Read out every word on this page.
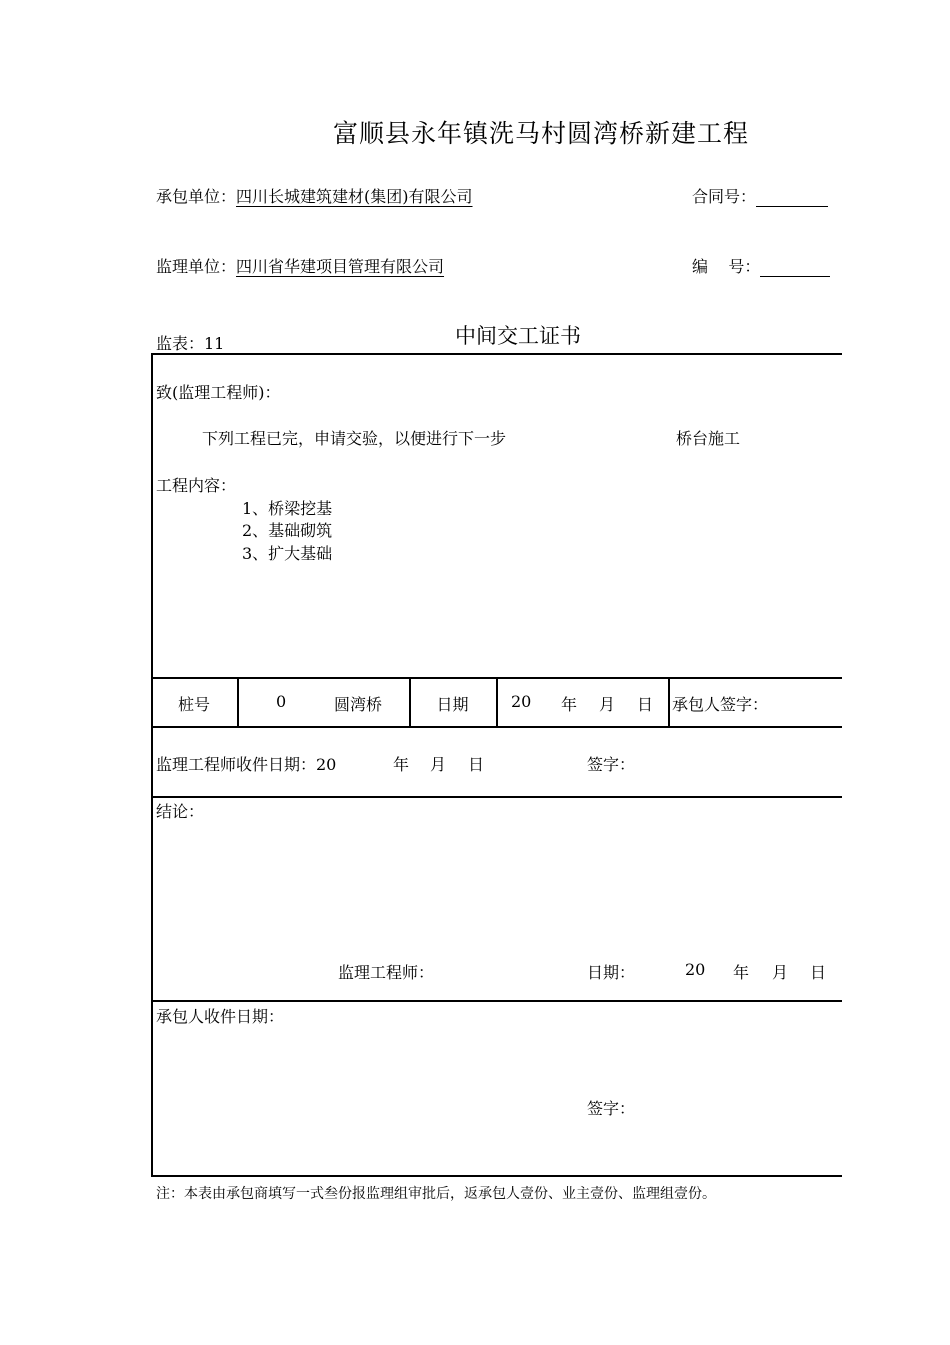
富顺县永年镇洗马村圆湾桥新建工程
承包单位：四川长城建筑建材(集团)有限公司	合同号：
监理单位：四川省华建项目管理有限公司	编    号：
监表：11	中间交工证书
致(监理工程师)：
下列工程已完，申请交验，以便进行下一步	桥台施工
工程内容：
1、桥梁挖基
2、基础砌筑
3、扩大基础
桩号	0	圆湾桥	日期	20 年 月 日 承包人签字：
监理工程师收件日期：20	年 月 日	签字：
结论：
监理工程师：	日期：	20 年 月 日
承包人收件日期：
签字：
注：本表由承包商填写一式叁份报监理组审批后，返承包人壹份、业主壹份、监理组壹份。
